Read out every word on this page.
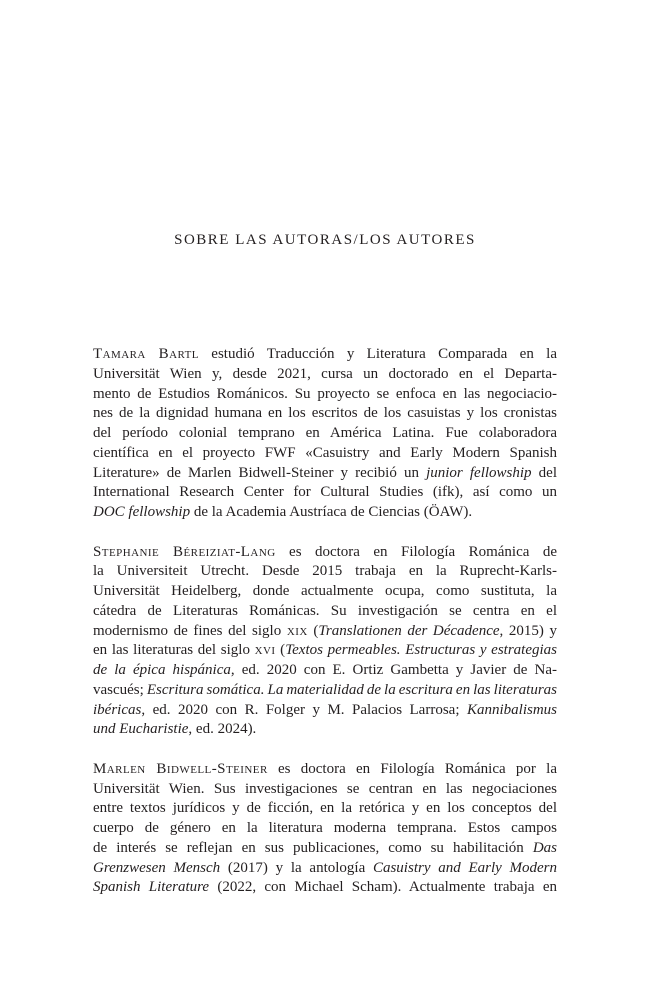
SOBRE LAS AUTORAS/LOS AUTORES
Tamara Bartl estudió Traducción y Literatura Comparada en la
Universität Wien y, desde 2021, cursa un doctorado en el Departa-
mento de Estudios Románicos. Su proyecto se enfoca en las negociacio-
nes de la dignidad humana en los escritos de los casuistas y los cronistas
del período colonial temprano en América Latina. Fue colaboradora
científica en el proyecto FWF «Casuistry and Early Modern Spanish
Literature» de Marlen Bidwell-Steiner y recibió un junior fellowship del
International Research Center for Cultural Studies (ifk), así como un
DOC fellowship de la Academia Austríaca de Ciencias (ÖAW).
Stephanie Béreiziat-Lang es doctora en Filología Románica de
la Universiteit Utrecht. Desde 2015 trabaja en la Ruprecht-Karls-
Universität Heidelberg, donde actualmente ocupa, como sustituta, la
cátedra de Literaturas Románicas. Su investigación se centra en el
modernismo de fines del siglo xix (Translationen der Décadence, 2015) y
en las literaturas del siglo xvi (Textos permeables. Estructuras y estrategias
de la épica hispánica, ed. 2020 con E. Ortiz Gambetta y Javier de Na-
vascués; Escritura somática. La materialidad de la escritura en las literaturas
ibéricas, ed. 2020 con R. Folger y M. Palacios Larrosa; Kannibalismus
und Eucharistie, ed. 2024).
Marlen Bidwell-Steiner es doctora en Filología Románica por la
Universität Wien. Sus investigaciones se centran en las negociaciones
entre textos jurídicos y de ficción, en la retórica y en los conceptos del
cuerpo de género en la literatura moderna temprana. Estos campos
de interés se reflejan en sus publicaciones, como su habilitación Das
Grenzwesen Mensch (2017) y la antología Casuistry and Early Modern
Spanish Literature (2022, con Michael Scham). Actualmente trabaja en
